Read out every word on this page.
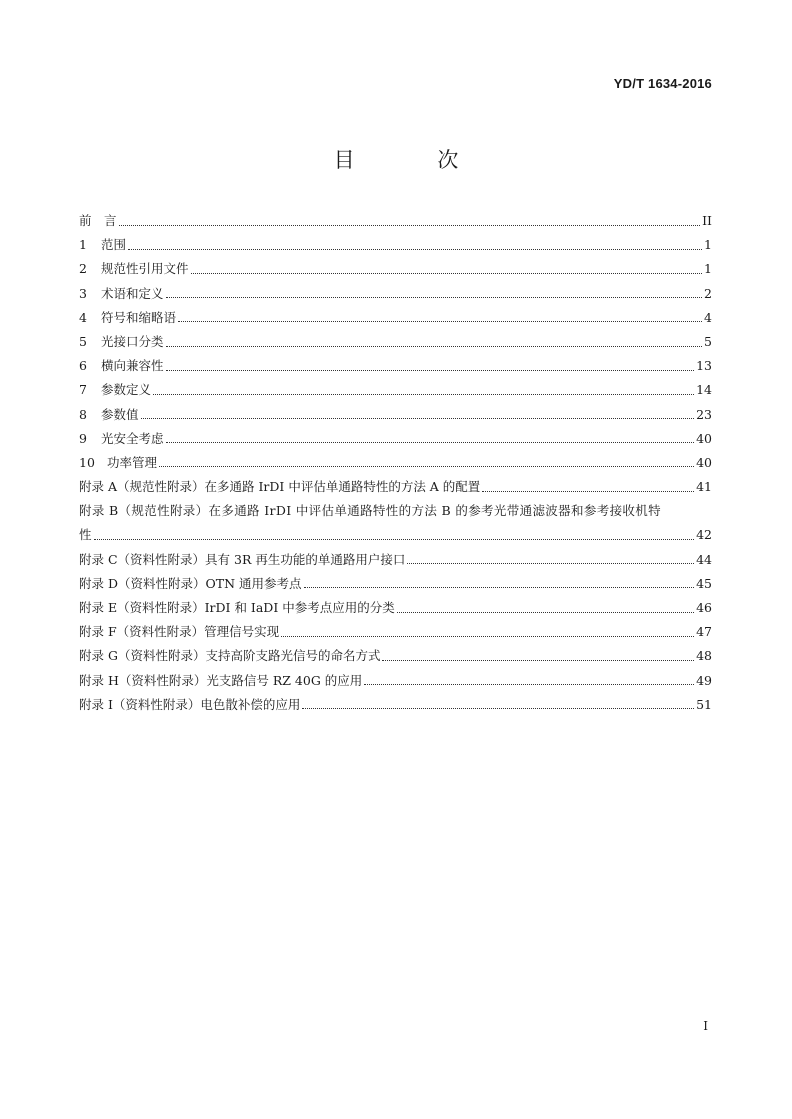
YD/T 1634-2016
目 次
前　言	II
1	范围	1
2	规范性引用文件	1
3	术语和定义	2
4	符号和缩略语	4
5	光接口分类	5
6	横向兼容性	13
7	参数定义	14
8	参数值	23
9	光安全考虑	40
10 功率管理	40
附录 A（规范性附录）在多通路 IrDI 中评估单通路特性的方法 A 的配置	41
附录 B（规范性附录）在多通路 IrDI 中评估单通路特性的方法 B 的参考光带通滤波器和参考接收机特
性	42
附录 C（资料性附录）具有 3R 再生功能的单通路用户接口	44
附录 D（资料性附录）OTN 通用参考点	45
附录 E（资料性附录）IrDI 和 IaDI 中参考点应用的分类	46
附录 F（资料性附录）管理信号实现	47
附录 G（资料性附录）支持高阶支路光信号的命名方式	48
附录 H（资料性附录）光支路信号 RZ 40G 的应用	49
附录 I（资料性附录）电色散补偿的应用	51
I
